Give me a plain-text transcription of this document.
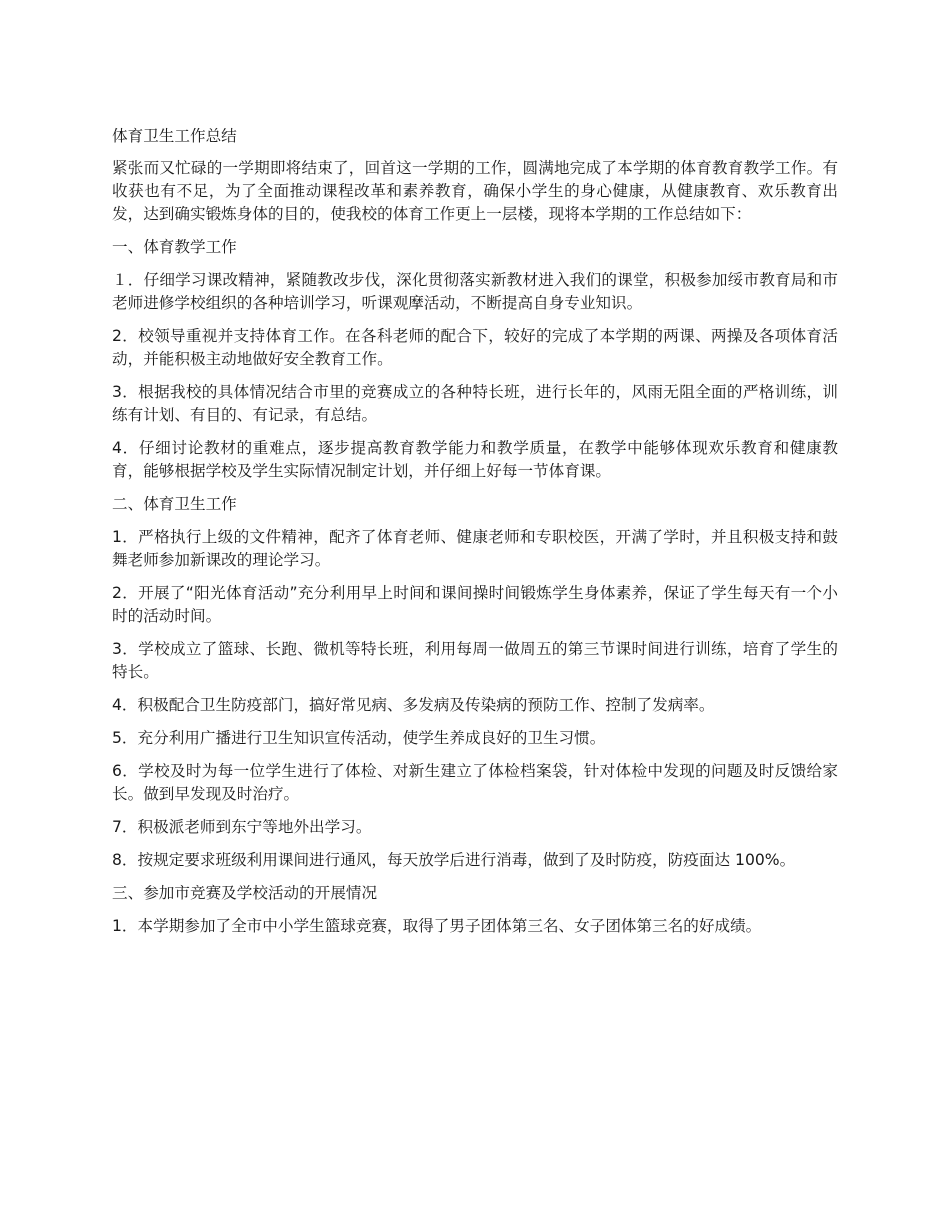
体育卫生工作总结
紧张而又忙碌的一学期即将结束了，回首这一学期的工作，圆满地完成了本学期的体育教育教学工作。有收获也有不足，为了全面推动课程改革和素养教育，确保小学生的身心健康，从健康教育、欢乐教育出发，达到确实锻炼身体的目的，使我校的体育工作更上一层楼，现将本学期的工作总结如下：
一、体育教学工作
１．仔细学习课改精神，紧随教改步伐，深化贯彻落实新教材进入我们的课堂，积极参加绥市教育局和市老师进修学校组织的各种培训学习，听课观摩活动，不断提高自身专业知识。
2．校领导重视并支持体育工作。在各科老师的配合下，较好的完成了本学期的两课、两操及各项体育活动，并能积极主动地做好安全教育工作。
3．根据我校的具体情况结合市里的竞赛成立的各种特长班，进行长年的，风雨无阻全面的严格训练，训练有计划、有目的、有记录，有总结。
4．仔细讨论教材的重难点，逐步提高教育教学能力和教学质量，在教学中能够体现欢乐教育和健康教育，能够根据学校及学生实际情况制定计划，并仔细上好每一节体育课。
二、体育卫生工作
1．严格执行上级的文件精神，配齐了体育老师、健康老师和专职校医，开满了学时，并且积极支持和鼓舞老师参加新课改的理论学习。
2．开展了“阳光体育活动”充分利用早上时间和课间操时间锻炼学生身体素养，保证了学生每天有一个小时的活动时间。
3．学校成立了篮球、长跑、微机等特长班，利用每周一做周五的第三节课时间进行训练，培育了学生的特长。
4．积极配合卫生防疫部门，搞好常见病、多发病及传染病的预防工作、控制了发病率。
5．充分利用广播进行卫生知识宣传活动，使学生养成良好的卫生习惯。
6．学校及时为每一位学生进行了体检、对新生建立了体检档案袋，针对体检中发现的问题及时反馈给家长。做到早发现及时治疗。
7．积极派老师到东宁等地外出学习。
8．按规定要求班级利用课间进行通风，每天放学后进行消毒，做到了及时防疫，防疫面达 100%。
三、参加市竞赛及学校活动的开展情况
1．本学期参加了全市中小学生篮球竞赛，取得了男子团体第三名、女子团体第三名的好成绩。
